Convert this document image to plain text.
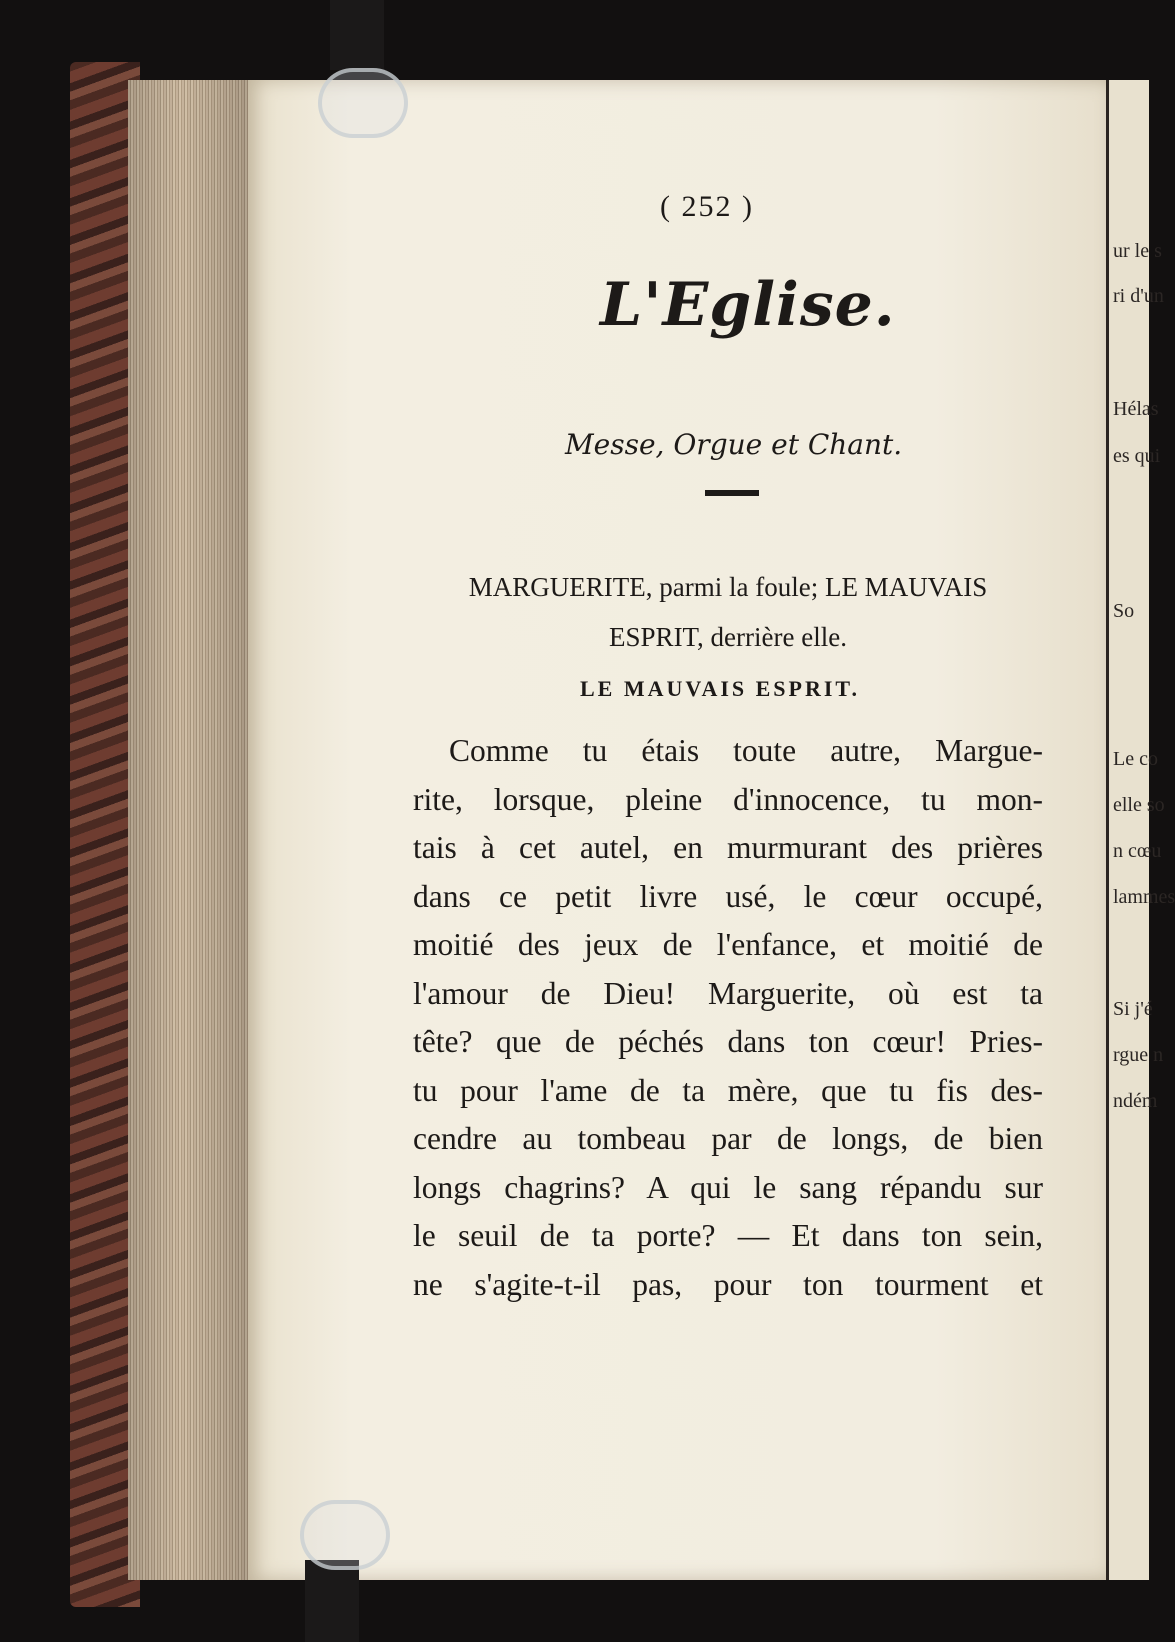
ur le s
ri d'un
Hélas
es qui
So
Le co
elle so
n cœu
lammes
Si j'é
rgue n
ndém
( 252 )
L'Eglise.
Messe, Orgue et Chant.
MARGUERITE, parmi la foule; LE MAUVAIS
ESPRIT, derrière elle.
LE MAUVAIS ESPRIT.
Comme tu étais toute autre, Margue-
rite, lorsque, pleine d'innocence, tu mon-
tais à cet autel, en murmurant des prières
dans ce petit livre usé, le cœur occupé,
moitié des jeux de l'enfance, et moitié de
l'amour de Dieu! Marguerite, où est ta
tête? que de péchés dans ton cœur! Pries-
tu pour l'ame de ta mère, que tu fis des-
cendre au tombeau par de longs, de bien
longs chagrins? A qui le sang répandu sur
le seuil de ta porte? — Et dans ton sein,
ne s'agite-t-il pas, pour ton tourment et
